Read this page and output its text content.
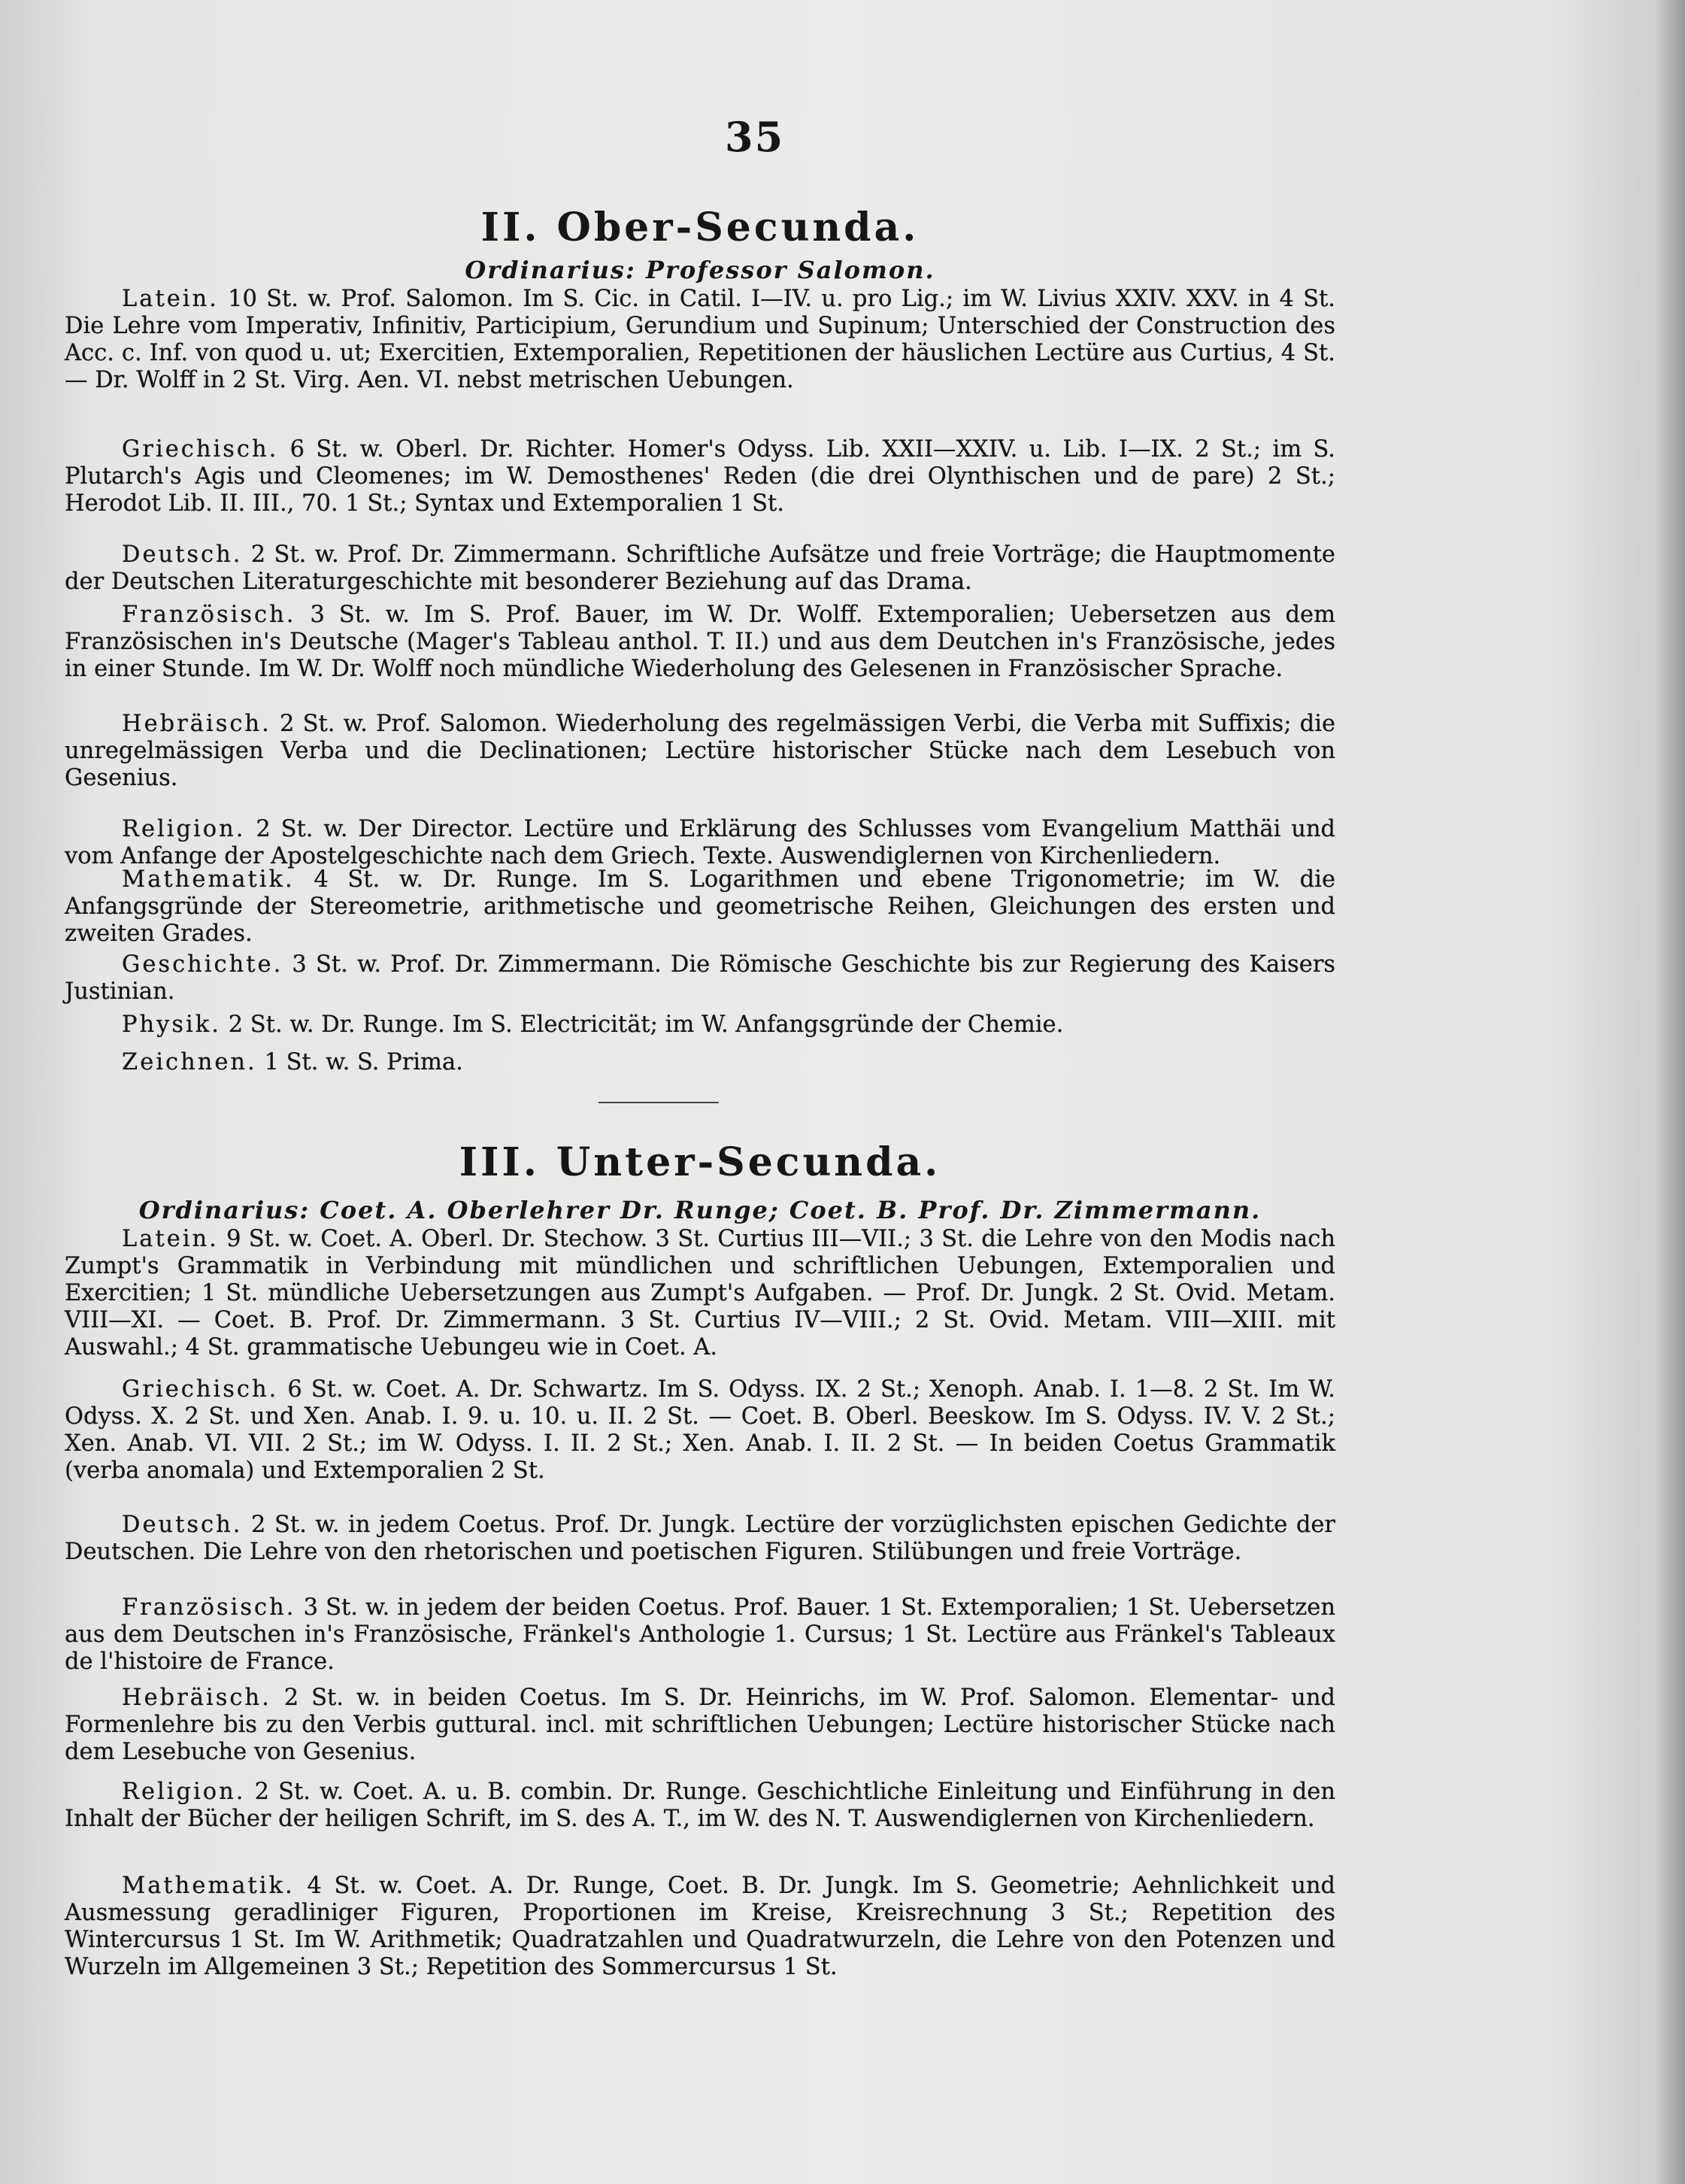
35
II. Ober-Secunda.
Ordinarius: Professor Salomon.
Latein. 10 St. w. Prof. Salomon. Im S. Cic. in Catil. I—IV. u. pro Lig.; im W. Livius XXIV. XXV. in 4 St. Die Lehre vom Imperativ, Infinitiv, Participium, Gerundium und Supinum; Unterschied der Construction des Acc. c. Inf. von quod u. ut; Exercitien, Extemporalien, Repetitionen der häuslichen Lectüre aus Curtius, 4 St. — Dr. Wolff in 2 St. Virg. Aen. VI. nebst metrischen Uebungen.
Griechisch. 6 St. w. Oberl. Dr. Richter. Homer's Odyss. Lib. XXII—XXIV. u. Lib. I—IX. 2 St.; im S. Plutarch's Agis und Cleomenes; im W. Demosthenes' Reden (die drei Olynthischen und de pare) 2 St.; Herodot Lib. II. III., 70. 1 St.; Syntax und Extemporalien 1 St.
Deutsch. 2 St. w. Prof. Dr. Zimmermann. Schriftliche Aufsätze und freie Vorträge; die Hauptmomente der Deutschen Literaturgeschichte mit besonderer Beziehung auf das Drama.
Französisch. 3 St. w. Im S. Prof. Bauer, im W. Dr. Wolff. Extemporalien; Uebersetzen aus dem Französischen in's Deutsche (Mager's Tableau anthol. T. II.) und aus dem Deutchen in's Französische, jedes in einer Stunde. Im W. Dr. Wolff noch mündliche Wiederholung des Gelesenen in Französischer Sprache.
Hebräisch. 2 St. w. Prof. Salomon. Wiederholung des regelmässigen Verbi, die Verba mit Suffixis; die unregelmässigen Verba und die Declinationen; Lectüre historischer Stücke nach dem Lesebuch von Gesenius.
Religion. 2 St. w. Der Director. Lectüre und Erklärung des Schlusses vom Evangelium Matthäi und vom Anfange der Apostelgeschichte nach dem Griech. Texte. Auswendiglernen von Kirchenliedern.
Mathematik. 4 St. w. Dr. Runge. Im S. Logarithmen und ebene Trigonometrie; im W. die Anfangsgründe der Stereometrie, arithmetische und geometrische Reihen, Gleichungen des ersten und zweiten Grades.
Geschichte. 3 St. w. Prof. Dr. Zimmermann. Die Römische Geschichte bis zur Regierung des Kaisers Justinian.
Physik. 2 St. w. Dr. Runge. Im S. Electricität; im W. Anfangsgründe der Chemie.
Zeichnen. 1 St. w. S. Prima.
III. Unter-Secunda.
Ordinarius: Coet. A. Oberlehrer Dr. Runge; Coet. B. Prof. Dr. Zimmermann.
Latein. 9 St. w. Coet. A. Oberl. Dr. Stechow. 3 St. Curtius III—VII.; 3 St. die Lehre von den Modis nach Zumpt's Grammatik in Verbindung mit mündlichen und schriftlichen Uebungen, Extemporalien und Exercitien; 1 St. mündliche Uebersetzungen aus Zumpt's Aufgaben. — Prof. Dr. Jungk. 2 St. Ovid. Metam. VIII—XI. — Coet. B. Prof. Dr. Zimmermann. 3 St. Curtius IV—VIII.; 2 St. Ovid. Metam. VIII—XIII. mit Auswahl.; 4 St. grammatische Uebungeu wie in Coet. A.
Griechisch. 6 St. w. Coet. A. Dr. Schwartz. Im S. Odyss. IX. 2 St.; Xenoph. Anab. I. 1—8. 2 St. Im W. Odyss. X. 2 St. und Xen. Anab. I. 9. u. 10. u. II. 2 St. — Coet. B. Oberl. Beeskow. Im S. Odyss. IV. V. 2 St.; Xen. Anab. VI. VII. 2 St.; im W. Odyss. I. II. 2 St.; Xen. Anab. I. II. 2 St. — In beiden Coetus Grammatik (verba anomala) und Extemporalien 2 St.
Deutsch. 2 St. w. in jedem Coetus. Prof. Dr. Jungk. Lectüre der vorzüglichsten epischen Gedichte der Deutschen. Die Lehre von den rhetorischen und poetischen Figuren. Stilübungen und freie Vorträge.
Französisch. 3 St. w. in jedem der beiden Coetus. Prof. Bauer. 1 St. Extemporalien; 1 St. Uebersetzen aus dem Deutschen in's Französische, Fränkel's Anthologie 1. Cursus; 1 St. Lectüre aus Fränkel's Tableaux de l'histoire de France.
Hebräisch. 2 St. w. in beiden Coetus. Im S. Dr. Heinrichs, im W. Prof. Salomon. Elementar- und Formenlehre bis zu den Verbis guttural. incl. mit schriftlichen Uebungen; Lectüre historischer Stücke nach dem Lesebuche von Gesenius.
Religion. 2 St. w. Coet. A. u. B. combin. Dr. Runge. Geschichtliche Einleitung und Einführung in den Inhalt der Bücher der heiligen Schrift, im S. des A. T., im W. des N. T. Auswendiglernen von Kirchenliedern.
Mathematik. 4 St. w. Coet. A. Dr. Runge, Coet. B. Dr. Jungk. Im S. Geometrie; Aehnlichkeit und Ausmessung geradliniger Figuren, Proportionen im Kreise, Kreisrechnung 3 St.; Repetition des Wintercursus 1 St. Im W. Arithmetik; Quadratzahlen und Quadratwurzeln, die Lehre von den Potenzen und Wurzeln im Allgemeinen 3 St.; Repetition des Sommercursus 1 St.
